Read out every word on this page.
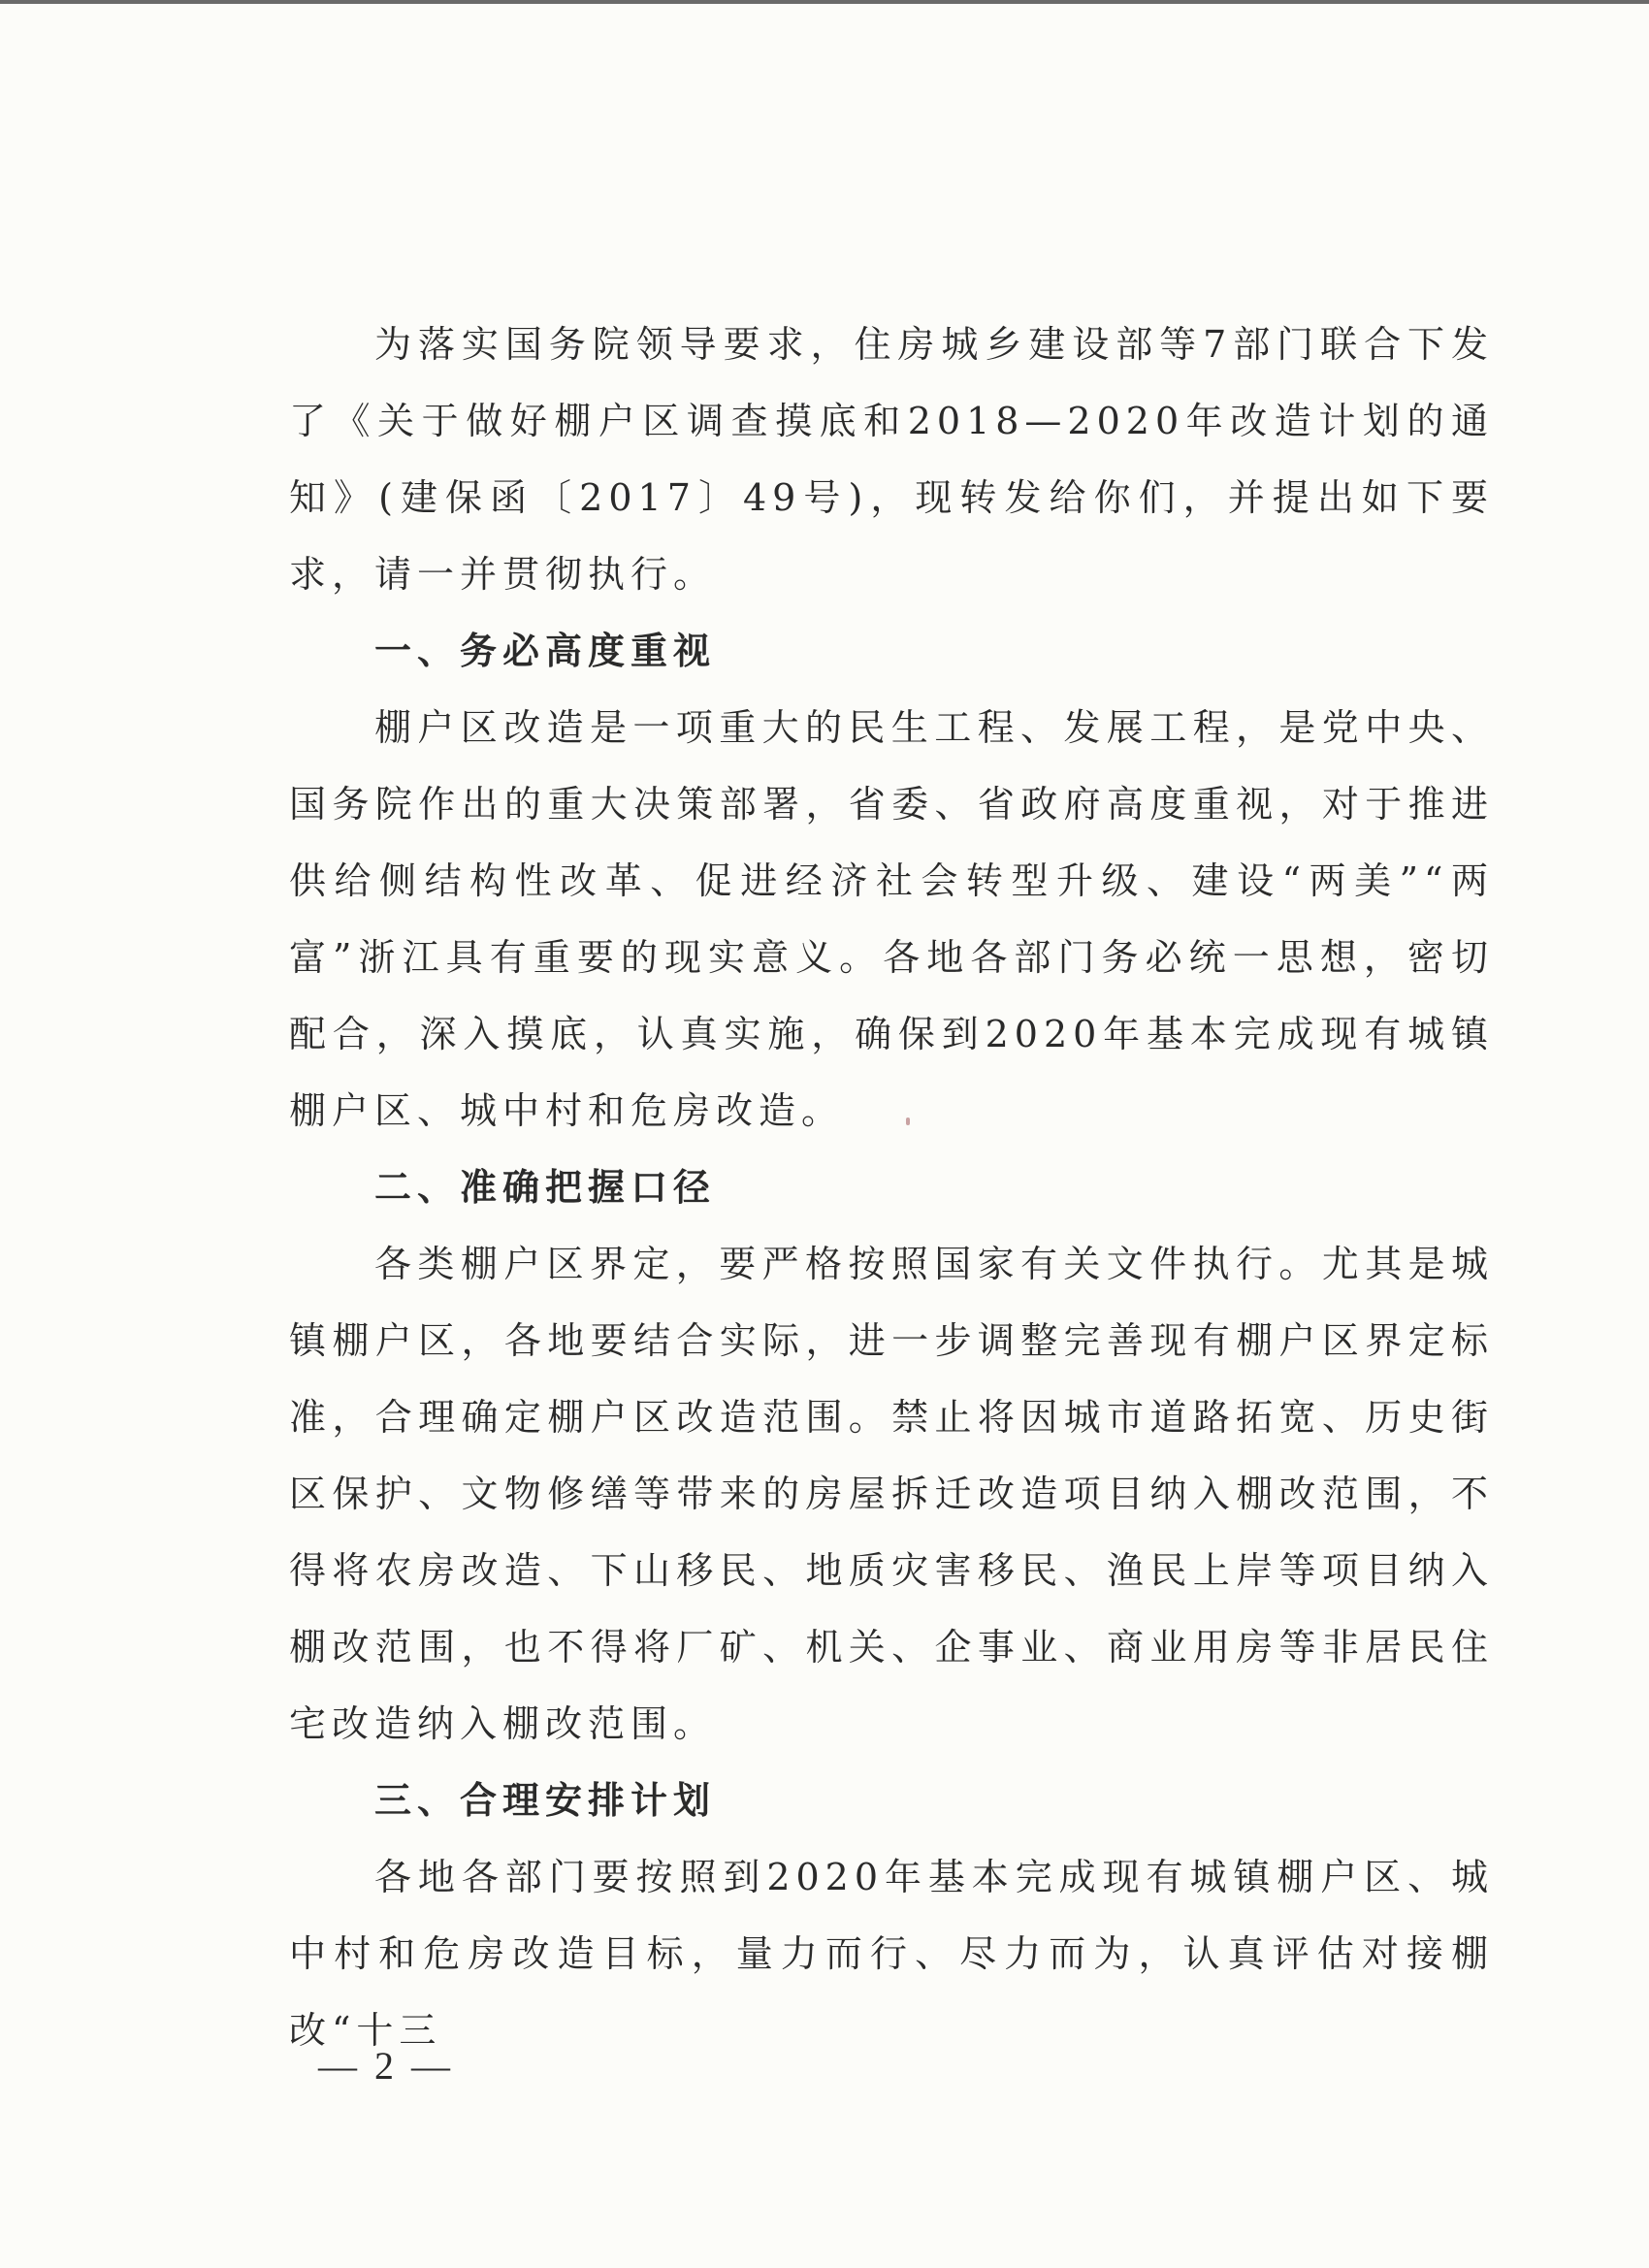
为落实国务院领导要求，住房城乡建设部等7部门联合下发了《关于做好棚户区调查摸底和2018—2020年改造计划的通知》(建保函〔2017〕49号)，现转发给你们，并提出如下要求，请一并贯彻执行。

一、务必高度重视

棚户区改造是一项重大的民生工程、发展工程，是党中央、国务院作出的重大决策部署，省委、省政府高度重视，对于推进供给侧结构性改革、促进经济社会转型升级、建设“两美”“两富”浙江具有重要的现实意义。各地各部门务必统一思想，密切配合，深入摸底，认真实施，确保到2020年基本完成现有城镇棚户区、城中村和危房改造。

二、准确把握口径

各类棚户区界定，要严格按照国家有关文件执行。尤其是城镇棚户区，各地要结合实际，进一步调整完善现有棚户区界定标准，合理确定棚户区改造范围。禁止将因城市道路拓宽、历史街区保护、文物修缮等带来的房屋拆迁改造项目纳入棚改范围，不得将农房改造、下山移民、地质灾害移民、渔民上岸等项目纳入棚改范围，也不得将厂矿、机关、企事业、商业用房等非居民住宅改造纳入棚改范围。

三、合理安排计划

各地各部门要按照到2020年基本完成现有城镇棚户区、城中村和危房改造目标，量力而行、尽力而为，认真评估对接棚改“十三

— 2 —
